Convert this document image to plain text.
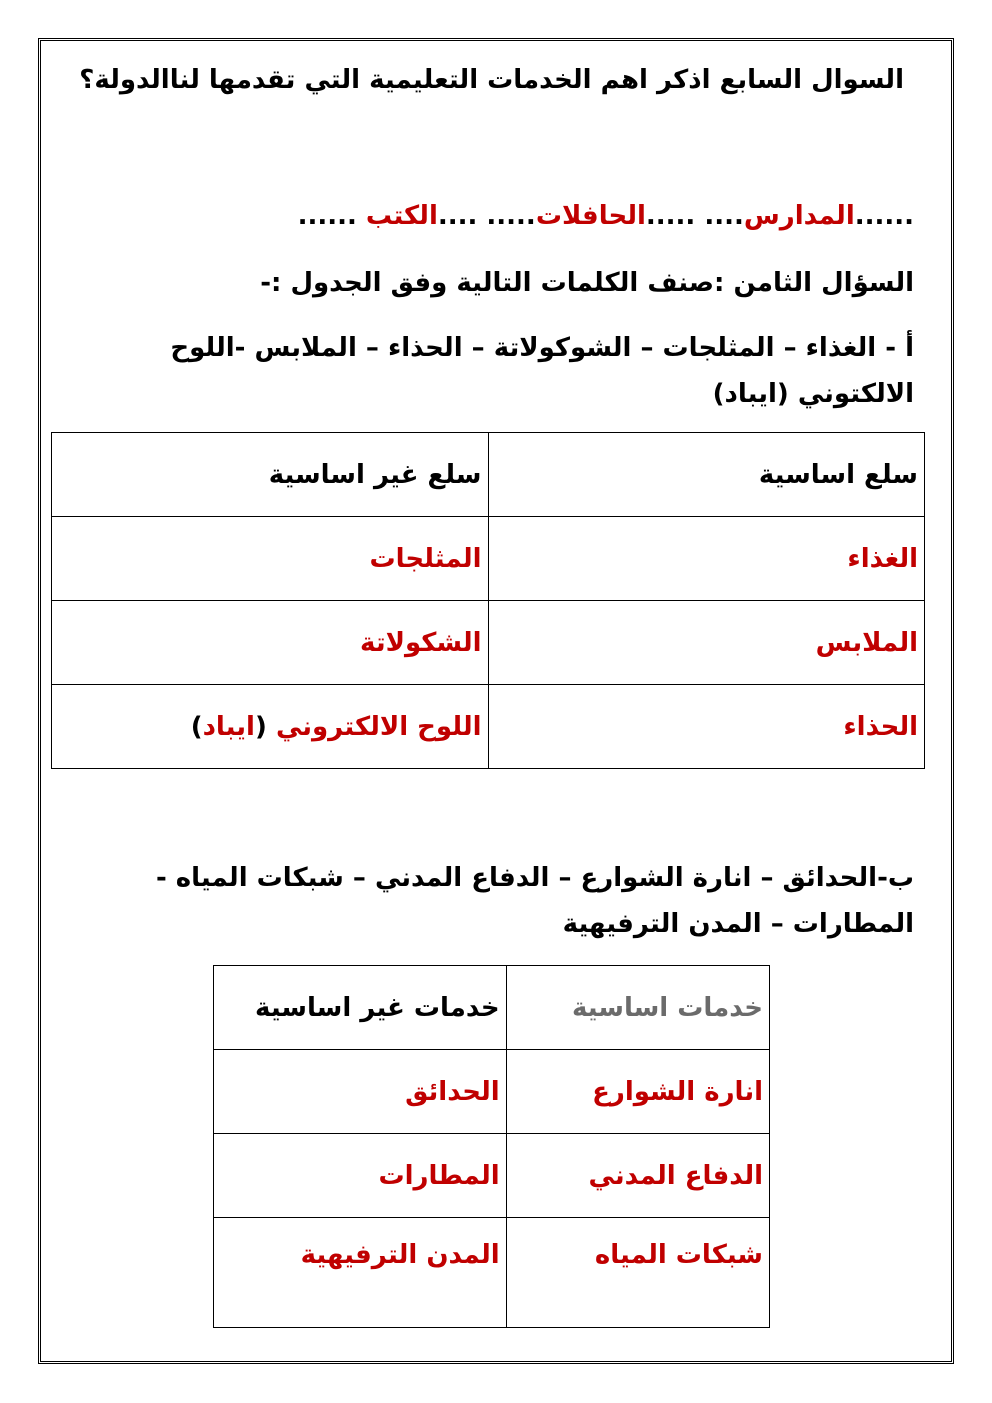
السوال السابع اذكر اهم الخدمات التعليمية التي تقدمها لناالدولة؟
......المدارس.... .....الحافلات..... ....الكتب ......
السؤال الثامن :صنف الكلمات التالية وفق الجدول :-
أ - الغذاء – المثلجات – الشوكولاتة – الحذاء – الملابس -اللوح
الالكتوني (ايباد)
سلع اساسية	سلع غير اساسية
الغذاء	المثلجات
الملابس	الشكولاتة
الحذاء	اللوح الالكتروني (ايباد)
ب-الحدائق – انارة الشوارع – الدفاع المدني – شبكات المياه -
المطارات – المدن الترفيهية
خدمات اساسية	خدمات غير اساسية
انارة الشوارع	الحدائق
الدفاع المدني	المطارات
شبكات المياه	المدن الترفيهية
